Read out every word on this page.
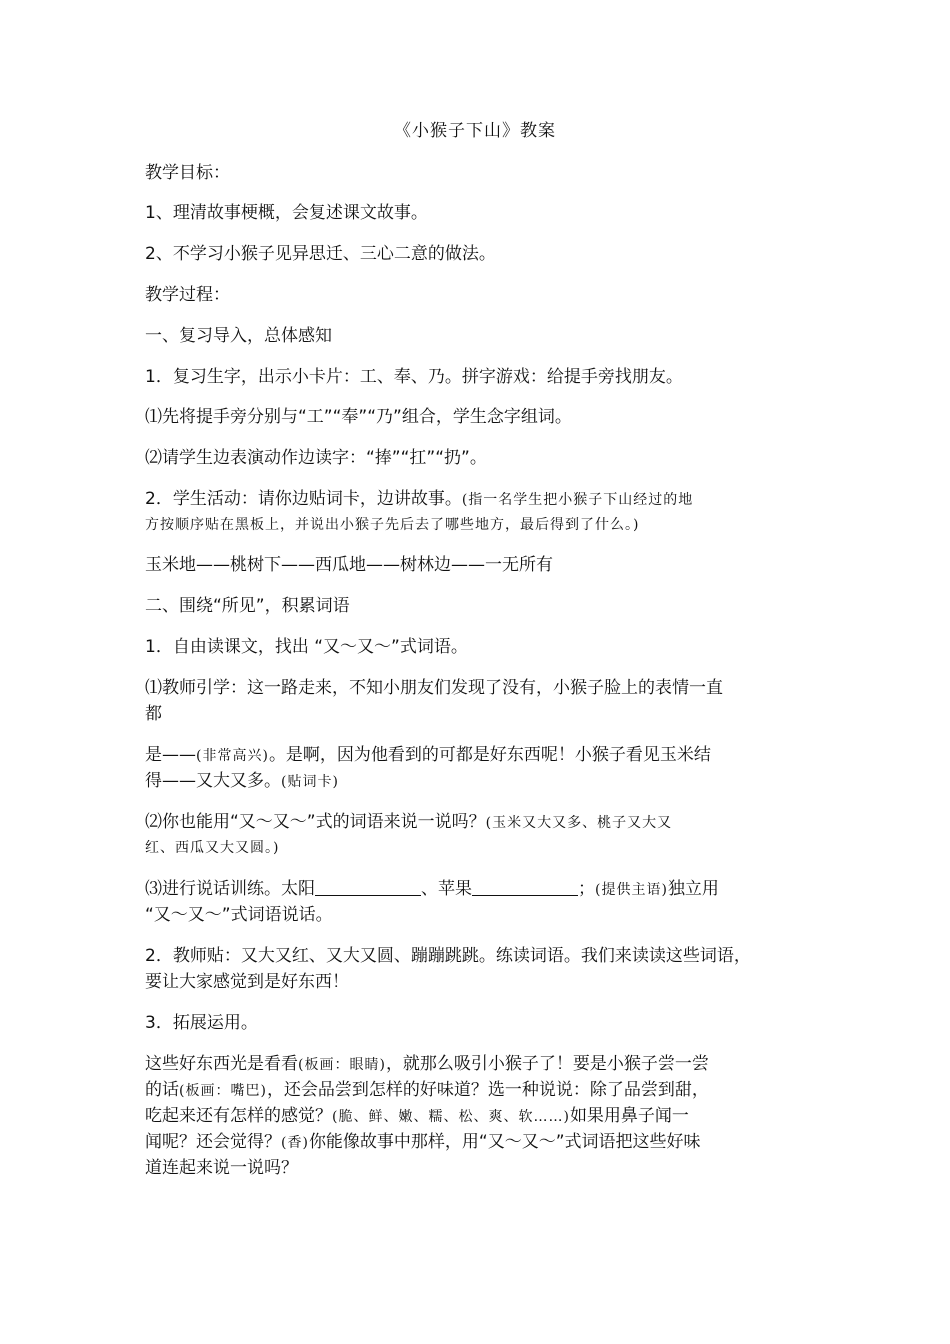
《小猴子下山》教案
教学目标：
1、理清故事梗概，会复述课文故事。
2、不学习小猴子见异思迁、三心二意的做法。
教学过程：
一、复习导入，总体感知
1．复习生字，出示小卡片：工、奉、乃。拼字游戏：给提手旁找朋友。
⑴先将提手旁分别与“工”“奉”“乃”组合，学生念字组词。
⑵请学生边表演动作边读字：“捧”“扛”“扔”。
2．学生活动：请你边贴词卡，边讲故事。(指一名学生把小猴子下山经过的地
方按顺序贴在黑板上，并说出小猴子先后去了哪些地方，最后得到了什么。)
玉米地——桃树下——西瓜地——树林边——一无所有
二、围绕“所见”，积累词语
1．自由读课文，找出 “又～又～”式词语。
⑴教师引学：这一路走来，不知小朋友们发现了没有，小猴子脸上的表情一直
都
是——(非常高兴)。是啊，因为他看到的可都是好东西呢！小猴子看见玉米结
得——又大又多。(贴词卡)
⑵你也能用“又～又～”式的词语来说一说吗？(玉米又大又多、桃子又大又
红、西瓜又大又圆。)
⑶进行说话训练。太阳	、苹果	；(提供主语)独立用
“又～又～”式词语说话。
2．教师贴：又大又红、又大又圆、蹦蹦跳跳。练读词语。我们来读读这些词语，
要让大家感觉到是好东西！
3．拓展运用。
这些好东西光是看看(板画：眼睛)，就那么吸引小猴子了！要是小猴子尝一尝
的话(板画：嘴巴)，还会品尝到怎样的好味道？选一种说说：除了品尝到甜，
吃起来还有怎样的感觉？(脆、鲜、嫩、糯、松、爽、软……)如果用鼻子闻一
闻呢？还会觉得？(香)你能像故事中那样，用“又～又～”式词语把这些好味
道连起来说一说吗？
